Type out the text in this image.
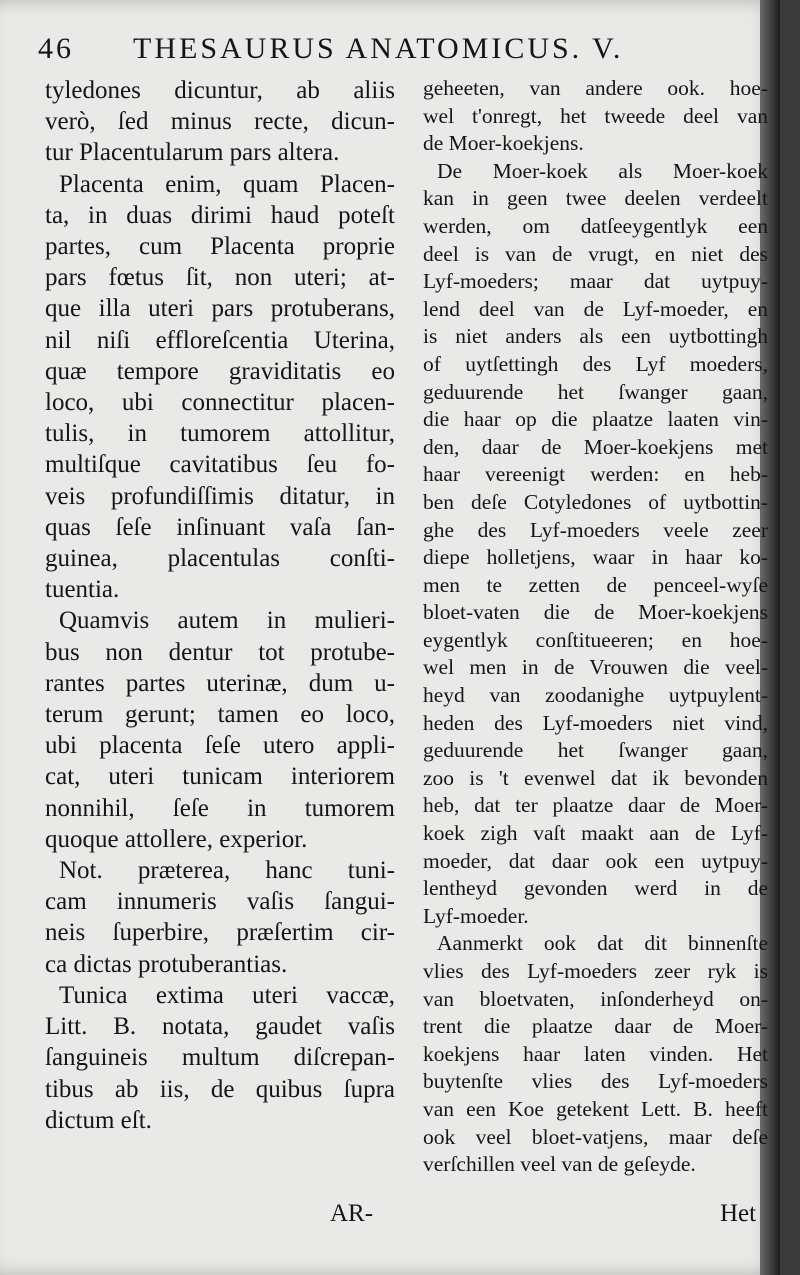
46 THESAURUS ANATOMICUS. V.
tyledones dicuntur, ab aliis
verò, ſed minus recte, dicun-
tur Placentularum pars altera.
Placenta enim, quam Placen-
ta, in duas dirimi haud poteſt
partes, cum Placenta proprie
pars fœtus ſit, non uteri; at-
que illa uteri pars protuberans,
nil niſi effloreſcentia Uterina,
quæ tempore graviditatis eo
loco, ubi connectitur placen-
tulis, in tumorem attollitur,
multiſque cavitatibus ſeu fo-
veis profundiſſimis ditatur, in
quas ſeſe inſinuant vaſa ſan-
guinea, placentulas conſti-
tuentia.
Quamvis autem in mulieri-
bus non dentur tot protube-
rantes partes uterinæ, dum u-
terum gerunt; tamen eo loco,
ubi placenta ſeſe utero appli-
cat, uteri tunicam interiorem
nonnihil, ſeſe in tumorem
quoque attollere, experior.
Not. præterea, hanc tuni-
cam innumeris vaſis ſangui-
neis ſuperbire, præſertim cir-
ca dictas protuberantias.
Tunica extima uteri vaccæ,
Litt. B. notata, gaudet vaſis
ſanguineis multum diſcrepan-
tibus ab iis, de quibus ſupra
dictum eſt.
geheeten, van andere ook. hoe-
wel t'onregt, het tweede deel van
de Moer-koekjens.
De Moer-koek als Moer-koek
kan in geen twee deelen verdeelt
werden, om datſeeygentlyk een
deel is van de vrugt, en niet des
Lyf-moeders; maar dat uytpuy-
lend deel van de Lyf-moeder, en
is niet anders als een uytbottingh
of uytſettingh des Lyf moeders,
geduurende het ſwanger gaan,
die haar op die plaatze laaten vin-
den, daar de Moer-koekjens met
haar vereenigt werden: en heb-
ben deſe Cotyledones of uytbottin-
ghe des Lyf-moeders veele zeer
diepe holletjens, waar in haar ko-
men te zetten de penceel-wyſe
bloet-vaten die de Moer-koekjens
eygentlyk conſtitueeren; en hoe-
wel men in de Vrouwen die veel-
heyd van zoodanighe uytpuylent-
heden des Lyf-moeders niet vind,
geduurende het ſwanger gaan,
zoo is 't evenwel dat ik bevonden
heb, dat ter plaatze daar de Moer-
koek zigh vaſt maakt aan de Lyf-
moeder, dat daar ook een uytpuy-
lentheyd gevonden werd in de
Lyf-moeder.
Aanmerkt ook dat dit binnenſte
vlies des Lyf-moeders zeer ryk is
van bloetvaten, inſonderheyd on-
trent die plaatze daar de Moer-
koekjens haar laten vinden. Het
buytenſte vlies des Lyf-moeders
van een Koe getekent Lett. B. heeft
ook veel bloet-vatjens, maar deſe
verſchillen veel van de geſeyde.
AR-	Het
